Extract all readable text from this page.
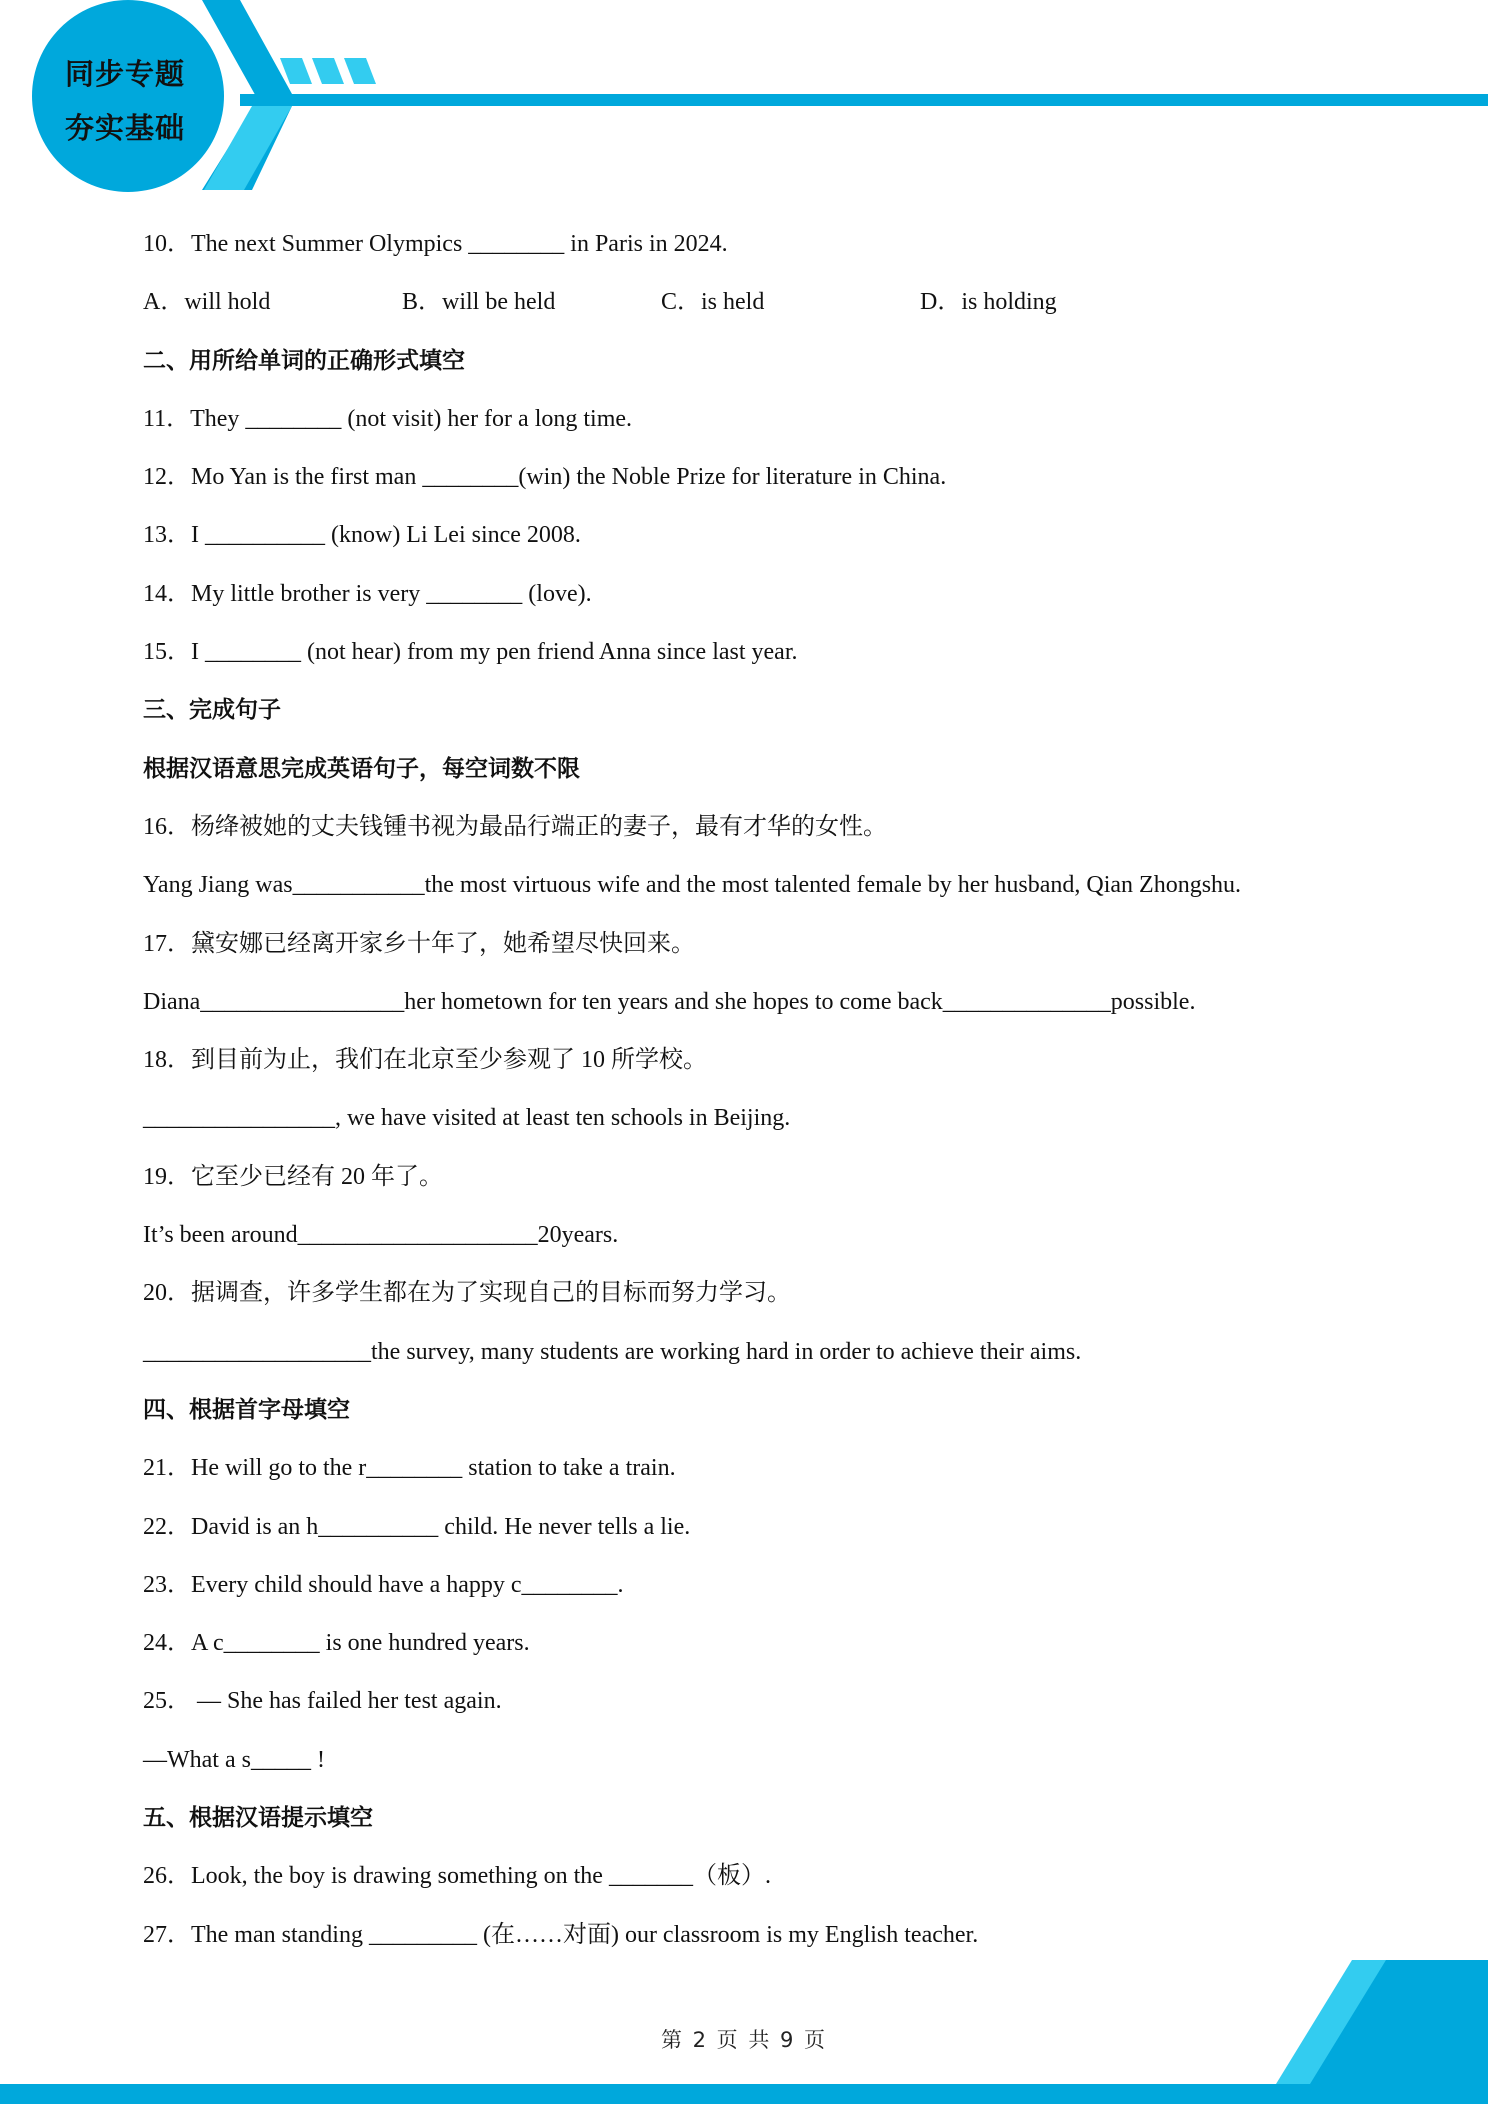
同步专题
夯实基础
10．The next Summer Olympics ________ in Paris in 2024.
A．will hold	B．will be held	C．is held	D．is holding
二、用所给单词的正确形式填空
11．They ________ (not visit) her for a long time.
12．Mo Yan is the first man ________(win) the Noble Prize for literature in China.
13．I __________ (know) Li Lei since 2008.
14．My little brother is very ________ (love).
15．I ________ (not hear) from my pen friend Anna since last year.
三、完成句子
根据汉语意思完成英语句子，每空词数不限
16．杨绛被她的丈夫钱锺书视为最品行端正的妻子，最有才华的女性。
Yang Jiang was___________the most virtuous wife and the most talented female by her husband, Qian Zhongshu.
17．黛安娜已经离开家乡十年了，她希望尽快回来。
Diana_________________her hometown for ten years and she hopes to come back______________possible.
18．到目前为止，我们在北京至少参观了 10 所学校。
________________, we have visited at least ten schools in Beijing.
19．它至少已经有 20 年了。
It’s been around____________________20years.
20．据调查，许多学生都在为了实现自己的目标而努力学习。
___________________the survey, many students are working hard in order to achieve their aims.
四、根据首字母填空
21．He will go to the r________ station to take a train.
22．David is an h__________ child. He never tells a lie.
23．Every child should have a happy c________.
24．A c________ is one hundred years.
25． — She has failed her test again.
—What a s_____ !
五、根据汉语提示填空
26．Look, the boy is drawing something on the _______（板）.
27．The man standing _________ (在……对面) our classroom is my English teacher.
第 2 页 共 9 页
